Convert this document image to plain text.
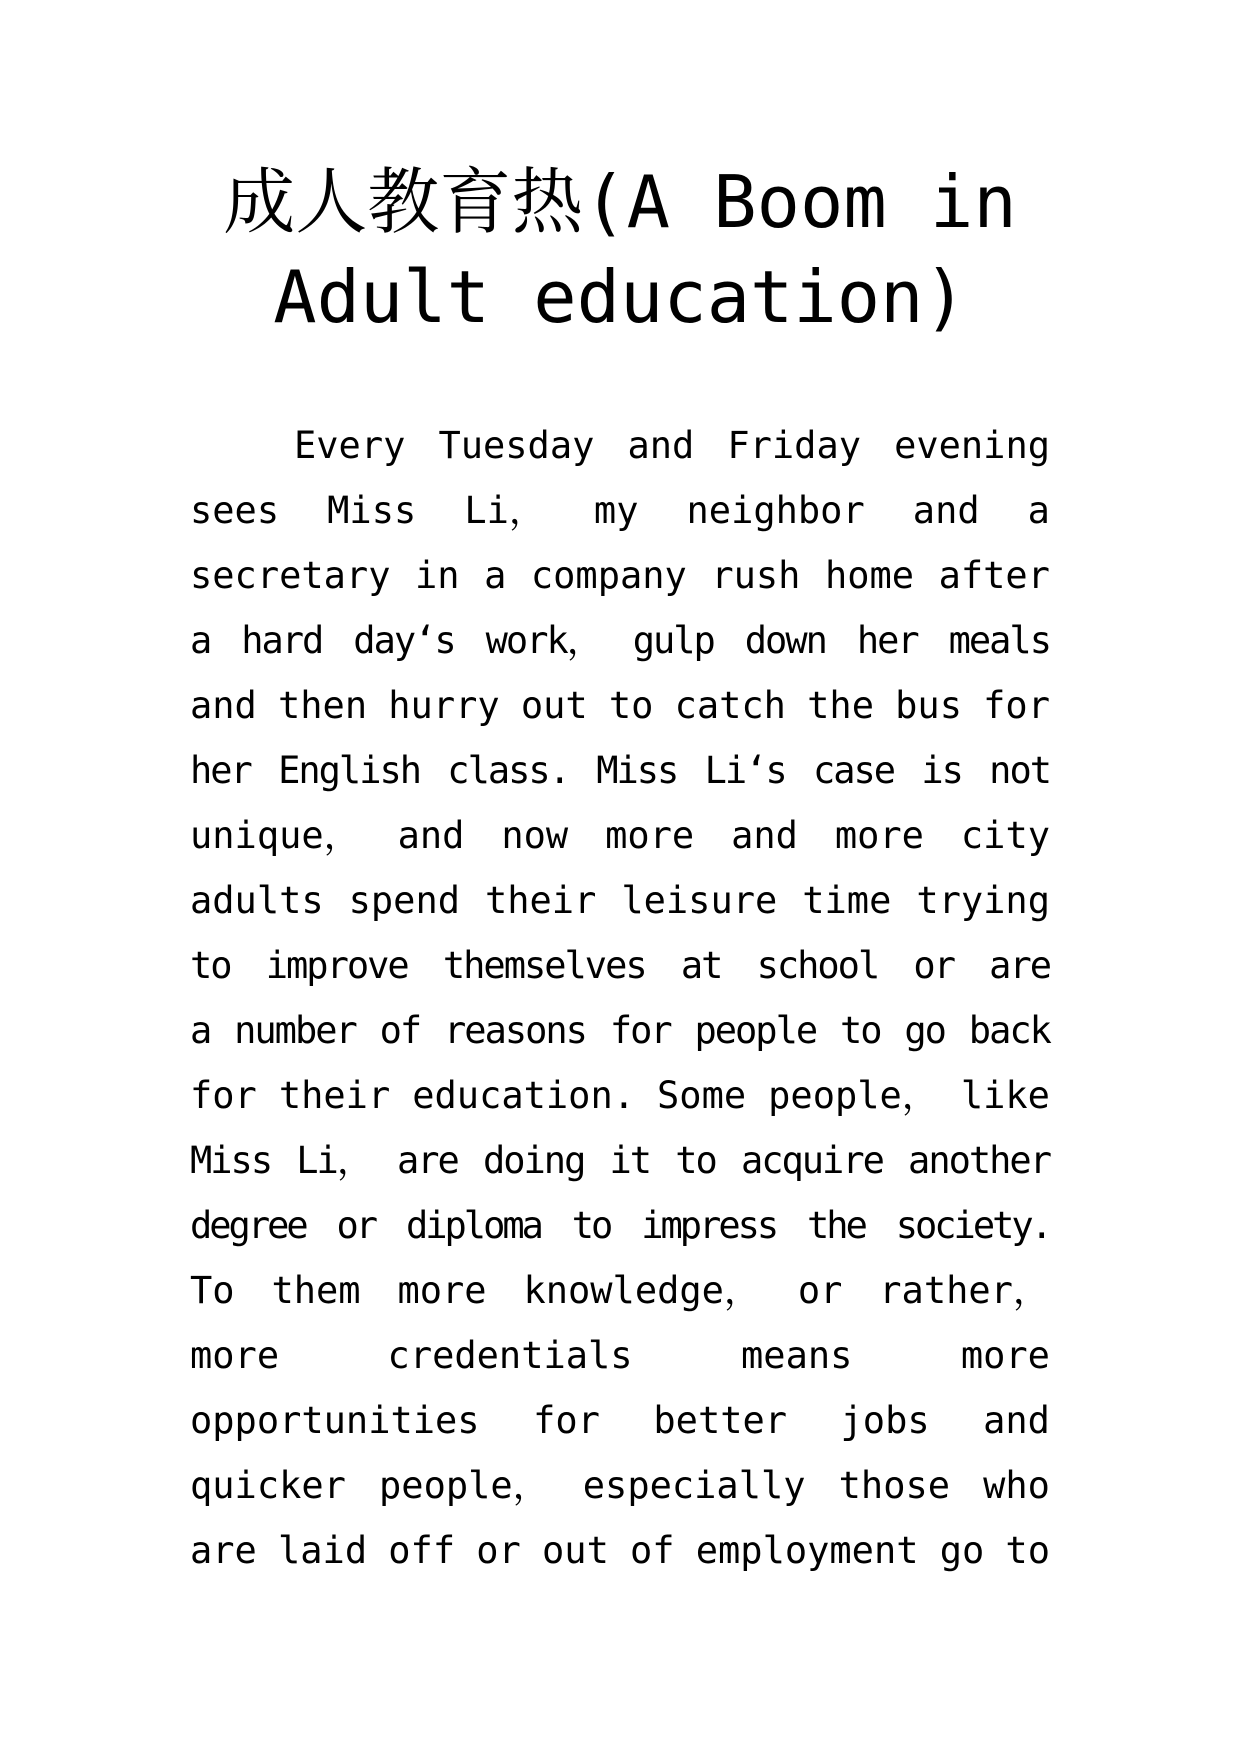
成人教育热(A Boom in
Adult education)
Every Tuesday and Friday evening
sees Miss Li， my neighbor and a
secretary in a company rush home after
a hard day‘s work， gulp down her meals
and then hurry out to catch the bus for
her English class. Miss Li‘s case is not
unique， and now more and more city
adults spend their leisure time trying
to improve themselves at school or are
a number of reasons for people to go back
for their education. Some people， like
Miss Li， are doing it to acquire another
degree or diploma to impress the society.
To them more knowledge， or rather，
more	credentials	means	more
opportunities for better jobs and
quicker people， especially those who
are laid off or out of employment go to
